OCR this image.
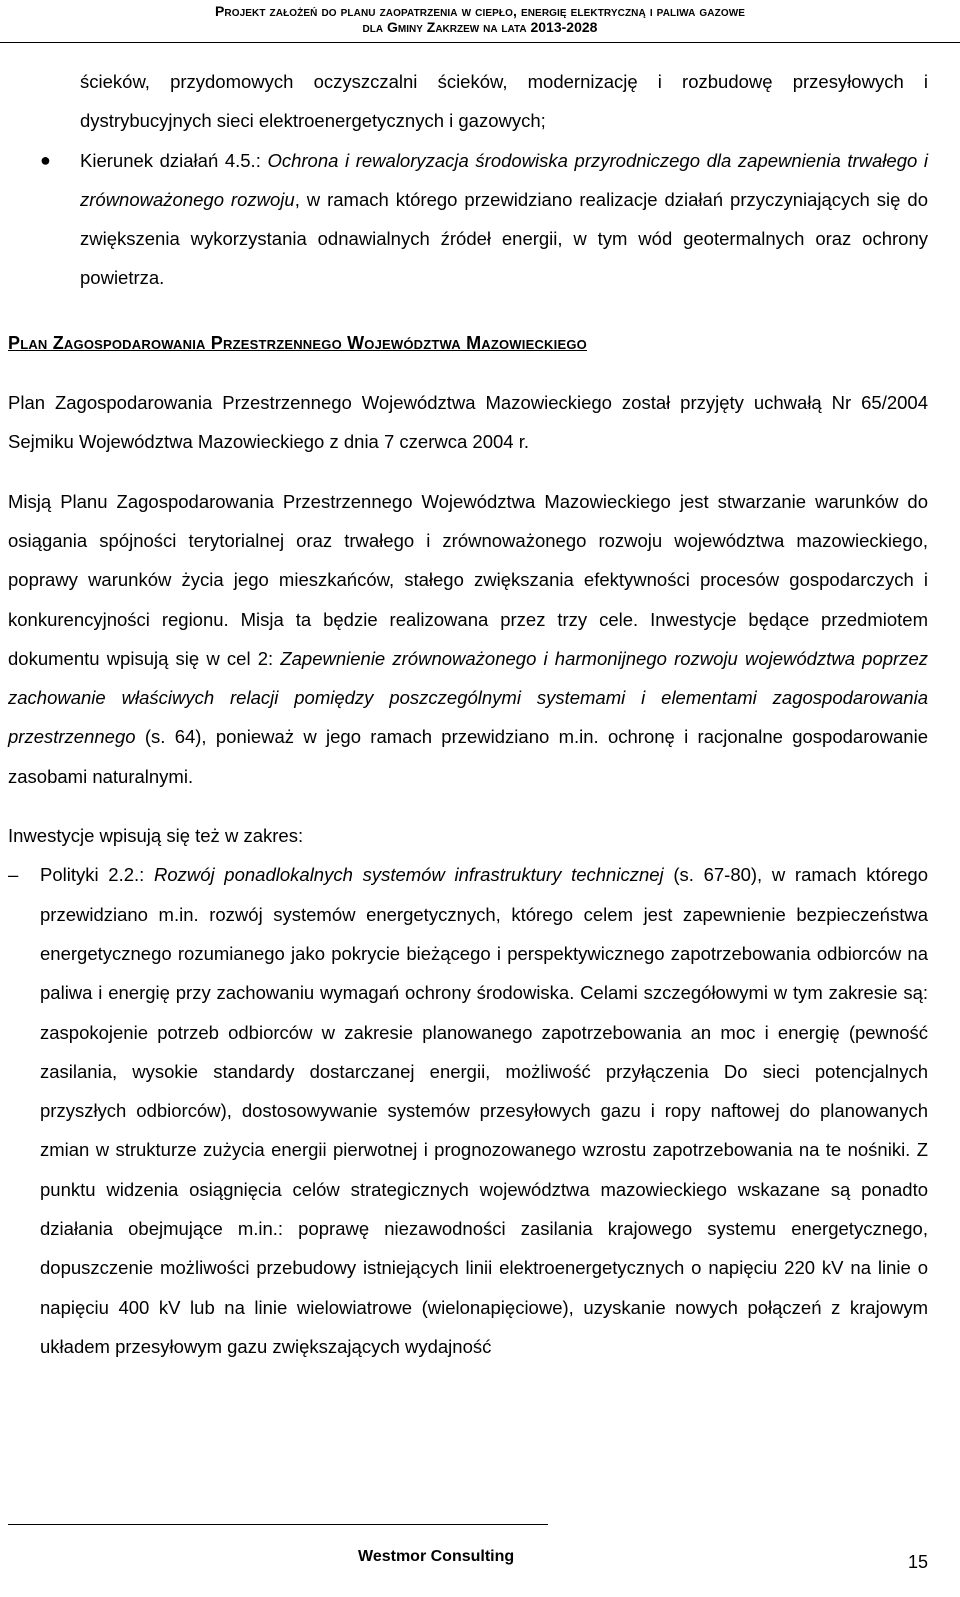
Projekt założeń do planu zaopatrzenia w ciepło, energię elektryczną i paliwa gazowe
dla Gminy Zakrzew na lata 2013-2028

ścieków, przydomowych oczyszczalni ścieków, modernizację i rozbudowę przesyłowych i dystrybucyjnych sieci elektroenergetycznych i gazowych;

● Kierunek działań 4.5.: Ochrona i rewaloryzacja środowiska przyrodniczego dla zapewnienia trwałego i zrównoważonego rozwoju, w ramach którego przewidziano realizacje działań przyczyniających się do zwiększenia wykorzystania odnawialnych źródeł energii, w tym wód geotermalnych oraz ochrony powietrza.

Plan Zagospodarowania Przestrzennego Województwa Mazowieckiego

Plan Zagospodarowania Przestrzennego Województwa Mazowieckiego został przyjęty uchwałą Nr 65/2004 Sejmiku Województwa Mazowieckiego z dnia 7 czerwca 2004 r.

Misją Planu Zagospodarowania Przestrzennego Województwa Mazowieckiego jest stwarzanie warunków do osiągania spójności terytorialnej oraz trwałego i zrównoważonego rozwoju województwa mazowieckiego, poprawy warunków życia jego mieszkańców, stałego zwiększania efektywności procesów gospodarczych i konkurencyjności regionu. Misja ta będzie realizowana przez trzy cele. Inwestycje będące przedmiotem dokumentu wpisują się w cel 2: Zapewnienie zrównoważonego i harmonijnego rozwoju województwa poprzez zachowanie właściwych relacji pomiędzy poszczególnymi systemami i elementami zagospodarowania przestrzennego (s. 64), ponieważ w jego ramach przewidziano m.in. ochronę i racjonalne gospodarowanie zasobami naturalnymi.

Inwestycje wpisują się też w zakres:

–	Polityki 2.2.: Rozwój ponadlokalnych systemów infrastruktury technicznej (s. 67-80), w ramach którego przewidziano m.in. rozwój systemów energetycznych, którego celem jest zapewnienie bezpieczeństwa energetycznego rozumianego jako pokrycie bieżącego i perspektywicznego zapotrzebowania odbiorców na paliwa i energię przy zachowaniu wymagań ochrony środowiska. Celami szczegółowymi w tym zakresie są: zaspokojenie potrzeb odbiorców w zakresie planowanego zapotrzebowania an moc i energię (pewność zasilania, wysokie standardy dostarczanej energii, możliwość przyłączenia Do sieci potencjalnych przyszłych odbiorców), dostosowywanie systemów przesyłowych gazu i ropy naftowej do planowanych zmian w strukturze zużycia energii pierwotnej i prognozowanego wzrostu zapotrzebowania na te nośniki. Z punktu widzenia osiągnięcia celów strategicznych województwa mazowieckiego wskazane są ponadto działania obejmujące m.in.: poprawę niezawodności zasilania krajowego systemu energetycznego, dopuszczenie możliwości przebudowy istniejących linii elektroenergetycznych o napięciu 220 kV na linie o napięciu 400 kV lub na linie wielowiatrowe (wielonapięciowe), uzyskanie nowych połączeń z krajowym układem przesyłowym gazu zwiększających wydajność
Westmor Consulting	15
